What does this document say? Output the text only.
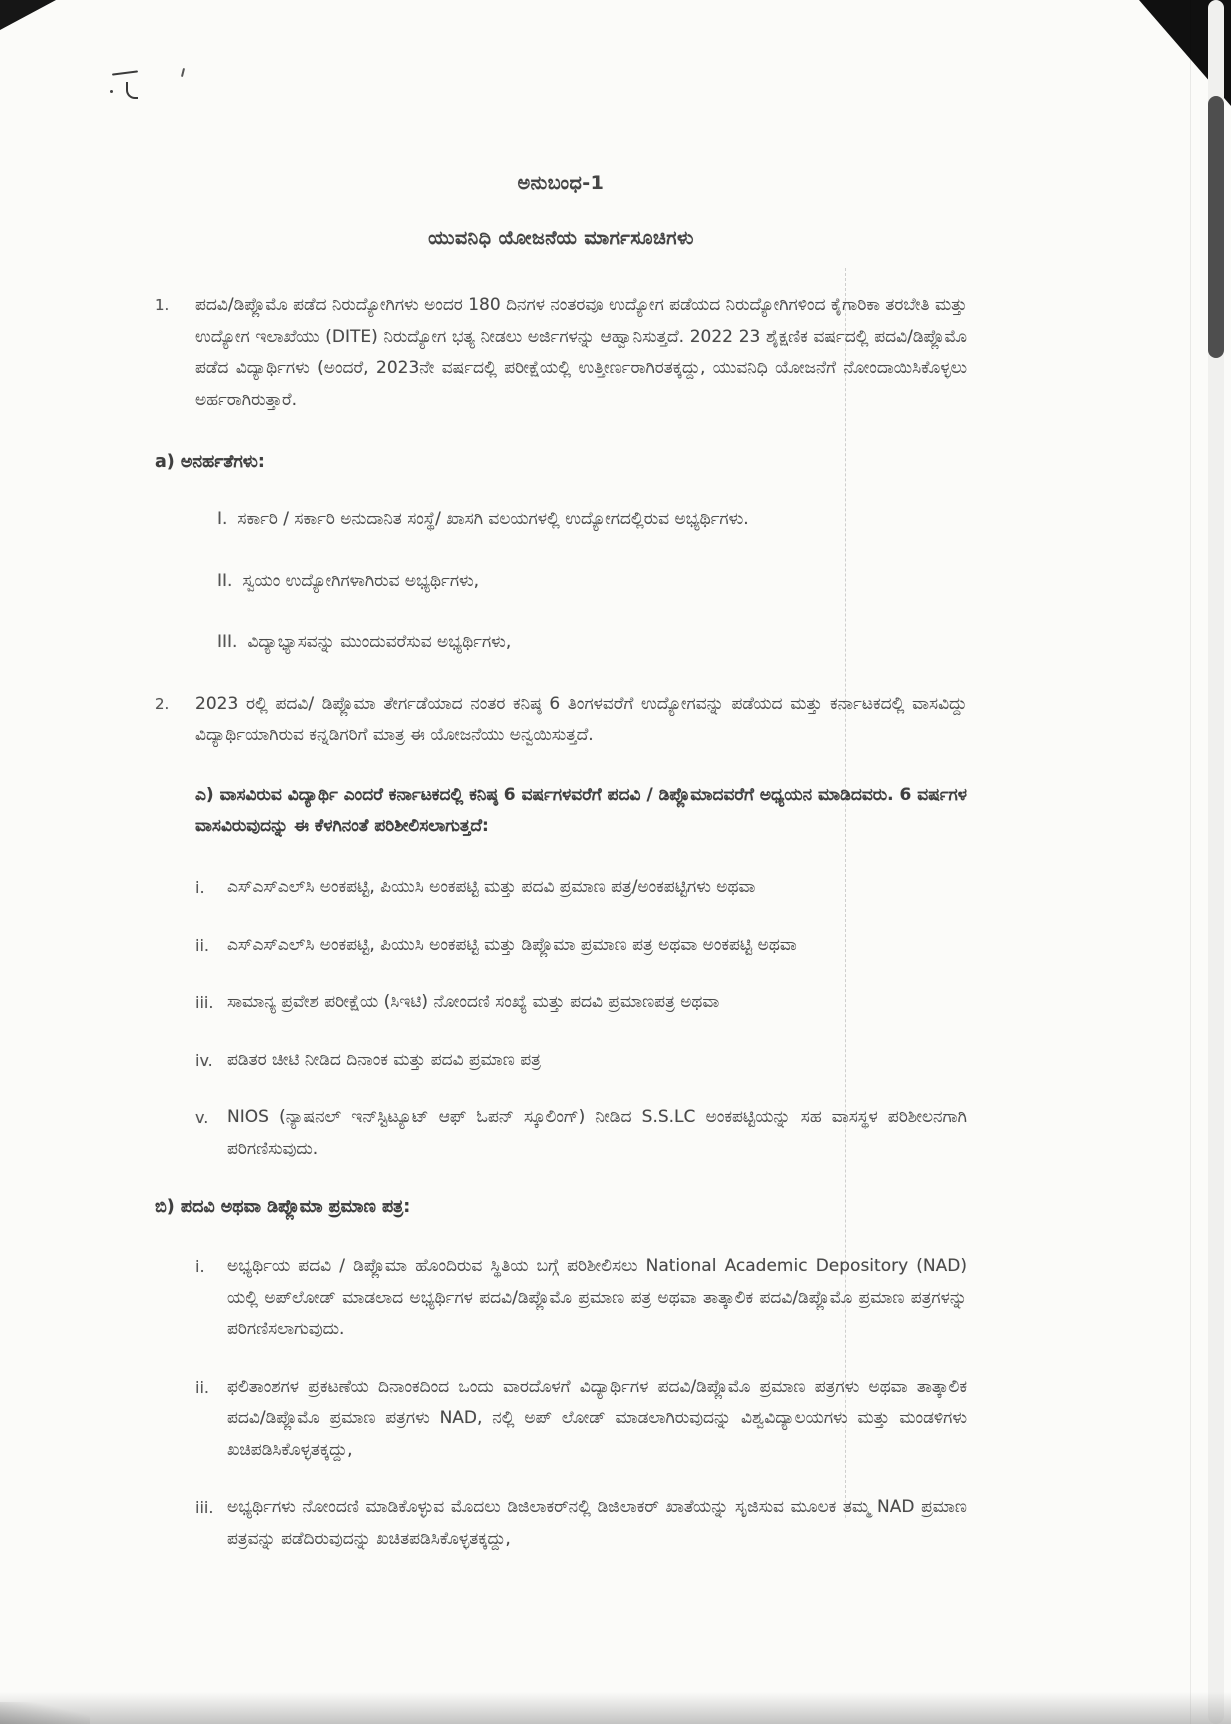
ಅನುಬಂಧ-1
ಯುವನಿಧಿ ಯೋಜನೆಯ ಮಾರ್ಗಸೂಚಿಗಳು
1.	ಪದವಿ/ಡಿಪ್ಲೊಮೊ ಪಡೆದ ನಿರುದ್ಯೋಗಿಗಳು ಅಂದರ 180 ದಿನಗಳ ನಂತರವೂ ಉದ್ಯೋಗ ಪಡೆಯದ ನಿರುದ್ಯೋಗಿಗಳಿಂದ ಕೈಗಾರಿಕಾ ತರಬೇತಿ ಮತ್ತು ಉದ್ಯೋಗ ಇಲಾಖೆಯು (DITE) ನಿರುದ್ಯೋಗ ಭತ್ಯ ನೀಡಲು ಅರ್ಜಿಗಳನ್ನು ಆಹ್ವಾನಿಸುತ್ತದೆ. 2022 23 ಶೈಕ್ಷಣಿಕ ವರ್ಷದಲ್ಲಿ ಪದವಿ/ಡಿಪ್ಲೊಮೊ ಪಡೆದ ವಿದ್ಯಾರ್ಥಿಗಳು (ಅಂದರೆ, 2023ನೇ ವರ್ಷದಲ್ಲಿ ಪರೀಕ್ಷೆಯಲ್ಲಿ ಉತ್ತೀರ್ಣರಾಗಿರತಕ್ಕದ್ದು, ಯುವನಿಧಿ ಯೋಜನೆಗೆ ನೋಂದಾಯಿಸಿಕೊಳ್ಳಲು ಅರ್ಹರಾಗಿರುತ್ತಾರೆ.

a) ಅನರ್ಹತೆಗಳು:
I. ಸರ್ಕಾರಿ / ಸರ್ಕಾರಿ ಅನುದಾನಿತ ಸಂಸ್ಥೆ/ ಖಾಸಗಿ ವಲಯಗಳಲ್ಲಿ ಉದ್ಯೋಗದಲ್ಲಿರುವ ಅಭ್ಯರ್ಥಿಗಳು.
II. ಸ್ವಯಂ ಉದ್ಯೋಗಿಗಳಾಗಿರುವ ಅಭ್ಯರ್ಥಿಗಳು,
III. ವಿದ್ಯಾಭ್ಯಾಸವನ್ನು ಮುಂದುವರೆಸುವ ಅಭ್ಯರ್ಥಿಗಳು,
2.	2023 ರಲ್ಲಿ ಪದವಿ/ ಡಿಪ್ಲೊಮಾ ತೇರ್ಗಡೆಯಾದ ನಂತರ ಕನಿಷ್ಠ 6 ತಿಂಗಳವರೆಗೆ ಉದ್ಯೋಗವನ್ನು ಪಡೆಯದ ಮತ್ತು ಕರ್ನಾಟಕದಲ್ಲಿ ವಾಸವಿದ್ದು ವಿದ್ಯಾರ್ಥಿಯಾಗಿರುವ ಕನ್ನಡಿಗರಿಗೆ ಮಾತ್ರ ಈ ಯೋಜನೆಯು ಅನ್ವಯಿಸುತ್ತದೆ.

ಎ) ವಾಸವಿರುವ ವಿದ್ಯಾರ್ಥಿ ಎಂದರೆ ಕರ್ನಾಟಕದಲ್ಲಿ ಕನಿಷ್ಠ 6 ವರ್ಷಗಳವರೆಗೆ ಪದವಿ / ಡಿಪ್ಲೊಮಾದವರೆಗೆ ಅಧ್ಯಯನ ಮಾಡಿದವರು. 6 ವರ್ಷಗಳ ವಾಸವಿರುವುದನ್ನು ಈ ಕೆಳಗಿನಂತೆ ಪರಿಶೀಲಿಸಲಾಗುತ್ತದೆ:

i.	ಎಸ್‌ಎಸ್‌ಎಲ್‌ಸಿ ಅಂಕಪಟ್ಟಿ, ಪಿಯುಸಿ ಅಂಕಪಟ್ಟಿ ಮತ್ತು ಪದವಿ ಪ್ರಮಾಣ ಪತ್ರ/ಅಂಕಪಟ್ಟಿಗಳು ಅಥವಾ

ii.	ಎಸ್‌ಎಸ್‌ಎಲ್‌ಸಿ ಅಂಕಪಟ್ಟಿ, ಪಿಯುಸಿ ಅಂಕಪಟ್ಟಿ ಮತ್ತು ಡಿಪ್ಲೊಮಾ ಪ್ರಮಾಣ ಪತ್ರ ಅಥವಾ ಅಂಕಪಟ್ಟಿ ಅಥವಾ

iii. ಸಾಮಾನ್ಯ ಪ್ರವೇಶ ಪರೀಕ್ಷೆಯ (ಸಿಇಟಿ) ನೋಂದಣಿ ಸಂಖ್ಯೆ ಮತ್ತು ಪದವಿ ಪ್ರಮಾಣಪತ್ರ ಅಥವಾ

iv. ಪಡಿತರ ಚೀಟಿ ನೀಡಿದ ದಿನಾಂಕ ಮತ್ತು ಪದವಿ ಪ್ರಮಾಣ ಪತ್ರ

v.	NIOS (ನ್ಯಾಷನಲ್ ಇನ್‌ಸ್ಟಿಟ್ಯೂಟ್ ಆಫ್ ಓಪನ್ ಸ್ಕೂಲಿಂಗ್) ನೀಡಿದ S.S.LC ಅಂಕಪಟ್ಟಿಯನ್ನು ಸಹ ವಾಸಸ್ಥಳ ಪರಿಶೀಲನಗಾಗಿ ಪರಿಗಣಿಸುವುದು.

ಬಿ) ಪದವಿ ಅಥವಾ ಡಿಪ್ಲೊಮಾ ಪ್ರಮಾಣ ಪತ್ರ:
i.	ಅಭ್ಯರ್ಥಿಯ ಪದವಿ / ಡಿಪ್ಲೊಮಾ ಹೊಂದಿರುವ ಸ್ಥಿತಿಯ ಬಗ್ಗೆ ಪರಿಶೀಲಿಸಲು National Academic Depository (NAD) ಯಲ್ಲಿ ಅಪ್‌ಲೋಡ್ ಮಾಡಲಾದ ಅಭ್ಯರ್ಥಿಗಳ ಪದವಿ/ಡಿಪ್ಲೊಮೊ ಪ್ರಮಾಣ ಪತ್ರ ಅಥವಾ ತಾತ್ಕಾಲಿಕ ಪದವಿ/ಡಿಪ್ಲೊಮೊ ಪ್ರಮಾಣ ಪತ್ರಗಳನ್ನು ಪರಿಗಣಿಸಲಾಗುವುದು.

ii.	ಫಲಿತಾಂಶಗಳ ಪ್ರಕಟಣೆಯ ದಿನಾಂಕದಿಂದ ಒಂದು ವಾರದೊಳಗೆ ವಿದ್ಯಾರ್ಥಿಗಳ ಪದವಿ/ಡಿಪ್ಲೊಮೊ ಪ್ರಮಾಣ ಪತ್ರಗಳು ಅಥವಾ ತಾತ್ಕಾಲಿಕ ಪದವಿ/ಡಿಪ್ಲೊಮೊ ಪ್ರಮಾಣ ಪತ್ರಗಳು NAD, ನಲ್ಲಿ ಅಪ್ ಲೋಡ್ ಮಾಡಲಾಗಿರುವುದನ್ನು ವಿಶ್ವವಿದ್ಯಾಲಯಗಳು ಮತ್ತು ಮಂಡಳಿಗಳು ಖಚಿಪಡಿಸಿಕೊಳ್ಳತಕ್ಕದ್ದು,

iii. ಅಭ್ಯರ್ಥಿಗಳು ನೋಂದಣಿ ಮಾಡಿಕೊಳ್ಳುವ ಮೊದಲು ಡಿಜಿಲಾಕರ್‌ನಲ್ಲಿ ಡಿಜಿಲಾಕರ್ ಖಾತೆಯನ್ನು ಸೃಜಿಸುವ ಮೂಲಕ ತಮ್ಮ NAD ಪ್ರಮಾಣ ಪತ್ರವನ್ನು ಪಡೆದಿರುವುದನ್ನು ಖಚಿತಪಡಿಸಿಕೊಳ್ಳತಕ್ಕದ್ದು,
